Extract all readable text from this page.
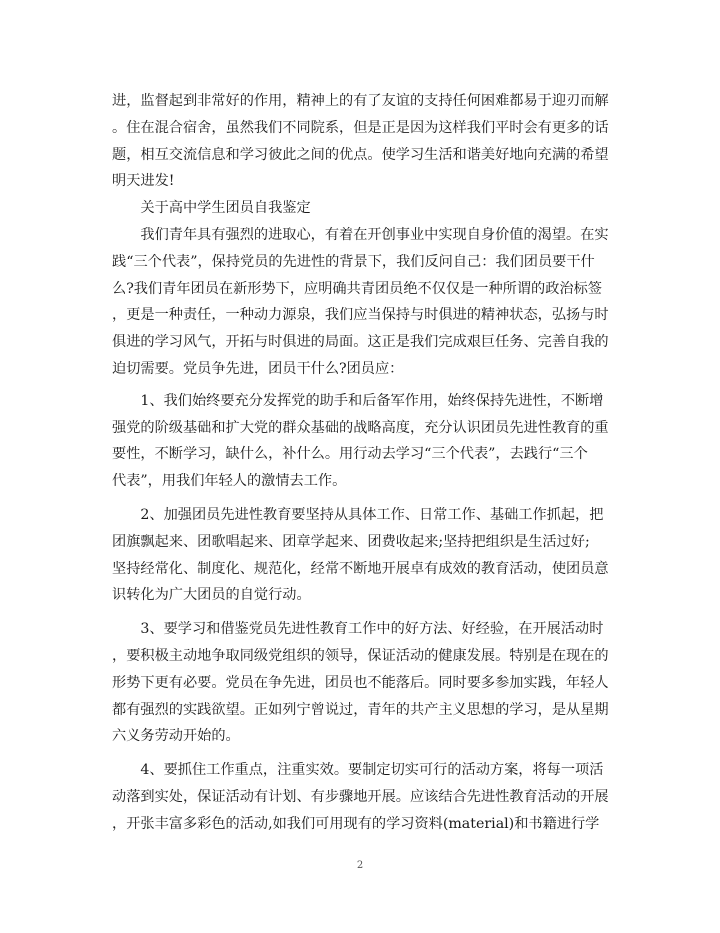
进，监督起到非常好的作用，精神上的有了友谊的支持任何困难都易于迎刃而解
。住在混合宿舍，虽然我们不同院系，但是正是因为这样我们平时会有更多的话
题，相互交流信息和学习彼此之间的优点。使学习生活和谐美好地向充满的希望
明天进发!
　　关于高中学生团员自我鉴定
　　我们青年具有强烈的进取心，有着在开创事业中实现自身价值的渴望。在实
践“三个代表”，保持党员的先进性的背景下，我们反问自己：我们团员要干什
么?我们青年团员在新形势下，应明确共青团员绝不仅仅是一种所谓的政治标签
，更是一种责任，一种动力源泉，我们应当保持与时俱进的精神状态，弘扬与时
俱进的学习风气，开拓与时俱进的局面。这正是我们完成艰巨任务、完善自我的
迫切需要。党员争先进，团员干什么?团员应：
　　1、我们始终要充分发挥党的助手和后备军作用，始终保持先进性，不断增
强党的阶级基础和扩大党的群众基础的战略高度，充分认识团员先进性教育的重
要性，不断学习，缺什么，补什么。用行动去学习“三个代表”，去践行“三个
代表”，用我们年轻人的激情去工作。
　　2、加强团员先进性教育要坚持从具体工作、日常工作、基础工作抓起，把
团旗飘起来、团歌唱起来、团章学起来、团费收起来;坚持把组织是生活过好;
坚持经常化、制度化、规范化，经常不断地开展卓有成效的教育活动，使团员意
识转化为广大团员的自觉行动。
　　3、要学习和借鉴党员先进性教育工作中的好方法、好经验，在开展活动时
，要积极主动地争取同级党组织的领导，保证活动的健康发展。特别是在现在的
形势下更有必要。党员在争先进，团员也不能落后。同时要多参加实践，年轻人
都有强烈的实践欲望。正如列宁曾说过，青年的共产主义思想的学习，是从星期
六义务劳动开始的。
　　4、要抓住工作重点，注重实效。要制定切实可行的活动方案，将每一项活
动落到实处，保证活动有计划、有步骤地开展。应该结合先进性教育活动的开展
，开张丰富多彩色的活动,如我们可用现有的学习资料(material)和书籍进行学
2
